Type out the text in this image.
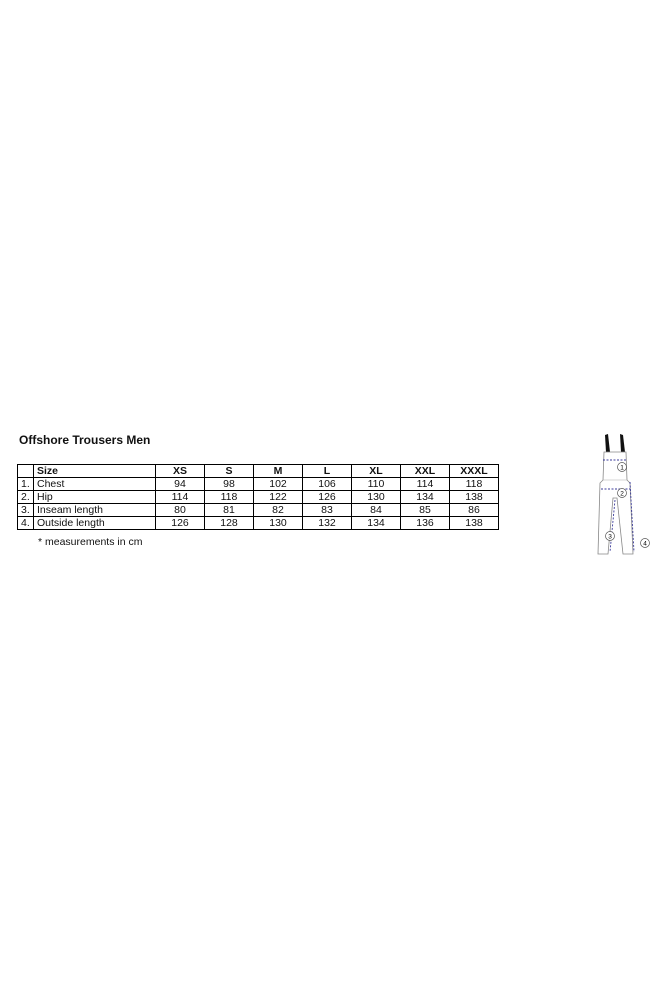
Offshore Trousers Men
	Size	XS	S	M	L	XL	XXL	XXXL
1.	Chest	94	98	102	106	110	114	118
2.	Hip	114	118	122	126	130	134	138
3.	Inseam length	80	81	82	83	84	85	86
4.	Outside length	126	128	130	132	134	136	138
* measurements in cm
1
2
3
4
